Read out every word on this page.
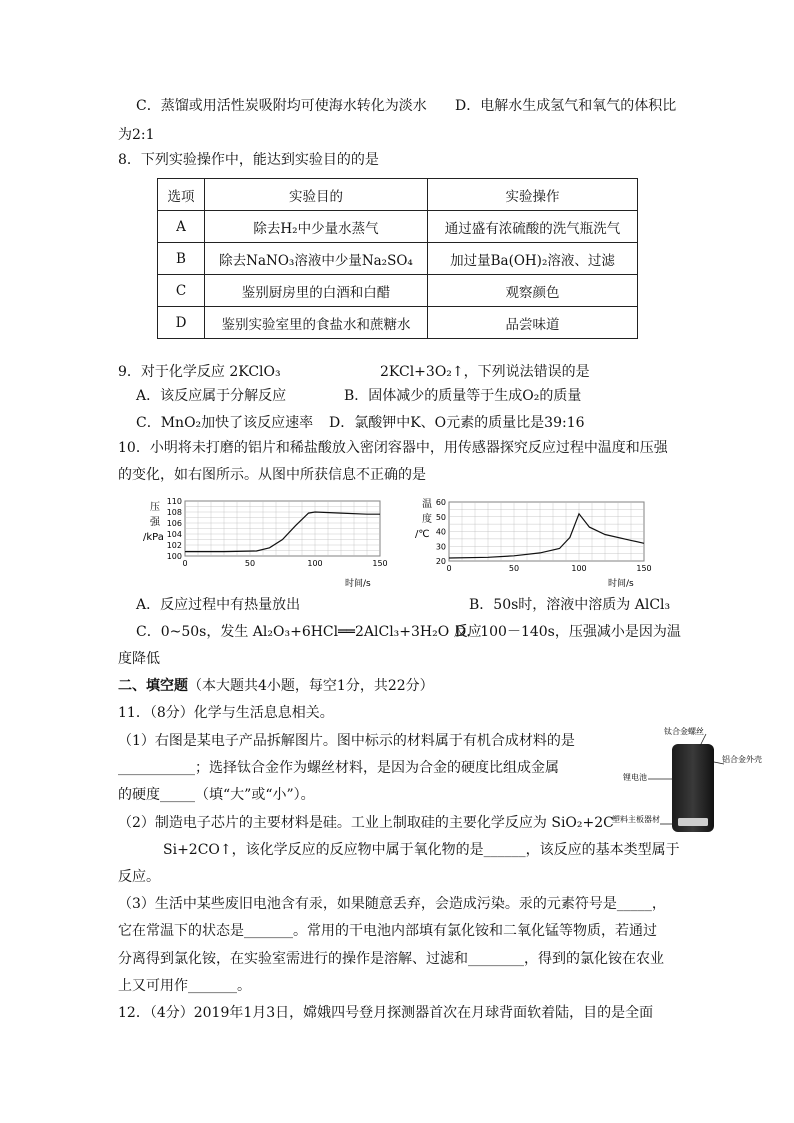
C．蒸馏或用活性炭吸附均可使海水转化为淡水 D．电解水生成氢气和氧气的体积比
为2:1
8．下列实验操作中，能达到实验目的的是
选项	实验目的	实验操作
A	除去H₂中少量水蒸气	通过盛有浓硫酸的洗气瓶洗气
B	除去NaNO₃溶液中少量Na₂SO₄	加过量Ba(OH)₂溶液、过滤
C	鉴别厨房里的白酒和白醋	观察颜色
D	鉴别实验室里的食盐水和蔗糖水	品尝味道
9．对于化学反应 2KClO₃	2KCl+3O₂↑，下列说法错误的是
A．该反应属于分解反应	B．固体减少的质量等于生成O₂的质量
C．MnO₂加快了该反应速率 D．氯酸钾中K、O元素的质量比是39:16
10．小明将未打磨的铝片和稀盐酸放入密闭容器中，用传感器探究反应过程中温度和压强
的变化，如右图所示。从图中所获信息不正确的是
压
强
/kPa
时间/s
0	50	100	150
100
102
104
106
108
110	温
度
/℃
时间/s
0	50	100	150
20
30
40
50
60
A．反应过程中有热量放出	B．50s时，溶液中溶质为 AlCl₃
C．0~50s，发生 Al₂O₃+6HCl══2AlCl₃+3H₂O 反应
D．100－140s，压强减小是因为温
度降低
二、填空题（本大题共4小题，每空1分，共22分）
11．（8分）化学与生活息息相关。
（1）右图是某电子产品拆解图片。图中标示的材料属于有机合成材料的是
___________；选择钛合金作为螺丝材料，是因为合金的硬度比组成金属
的硬度_____（填“大”或“小”）。
（2）制造电子芯片的主要材料是硅。工业上制取硅的主要化学反应为 SiO₂+2C
Si+2CO↑，该化学反应的反应物中属于氧化物的是______，该反应的基本类型属于
反应。
（3）生活中某些废旧电池含有汞，如果随意丢弃，会造成污染。汞的元素符号是_____，
它在常温下的状态是_______。常用的干电池内部填有氯化铵和二氧化锰等物质，若通过
分离得到氯化铵，在实验室需进行的操作是溶解、过滤和________，得到的氯化铵在农业
上又可用作_______。
钛合金螺丝
铝合金外壳
锂电池
塑料主板器材
12．（4分）2019年1月3日，嫦娥四号登月探测器首次在月球背面软着陆，目的是全面
